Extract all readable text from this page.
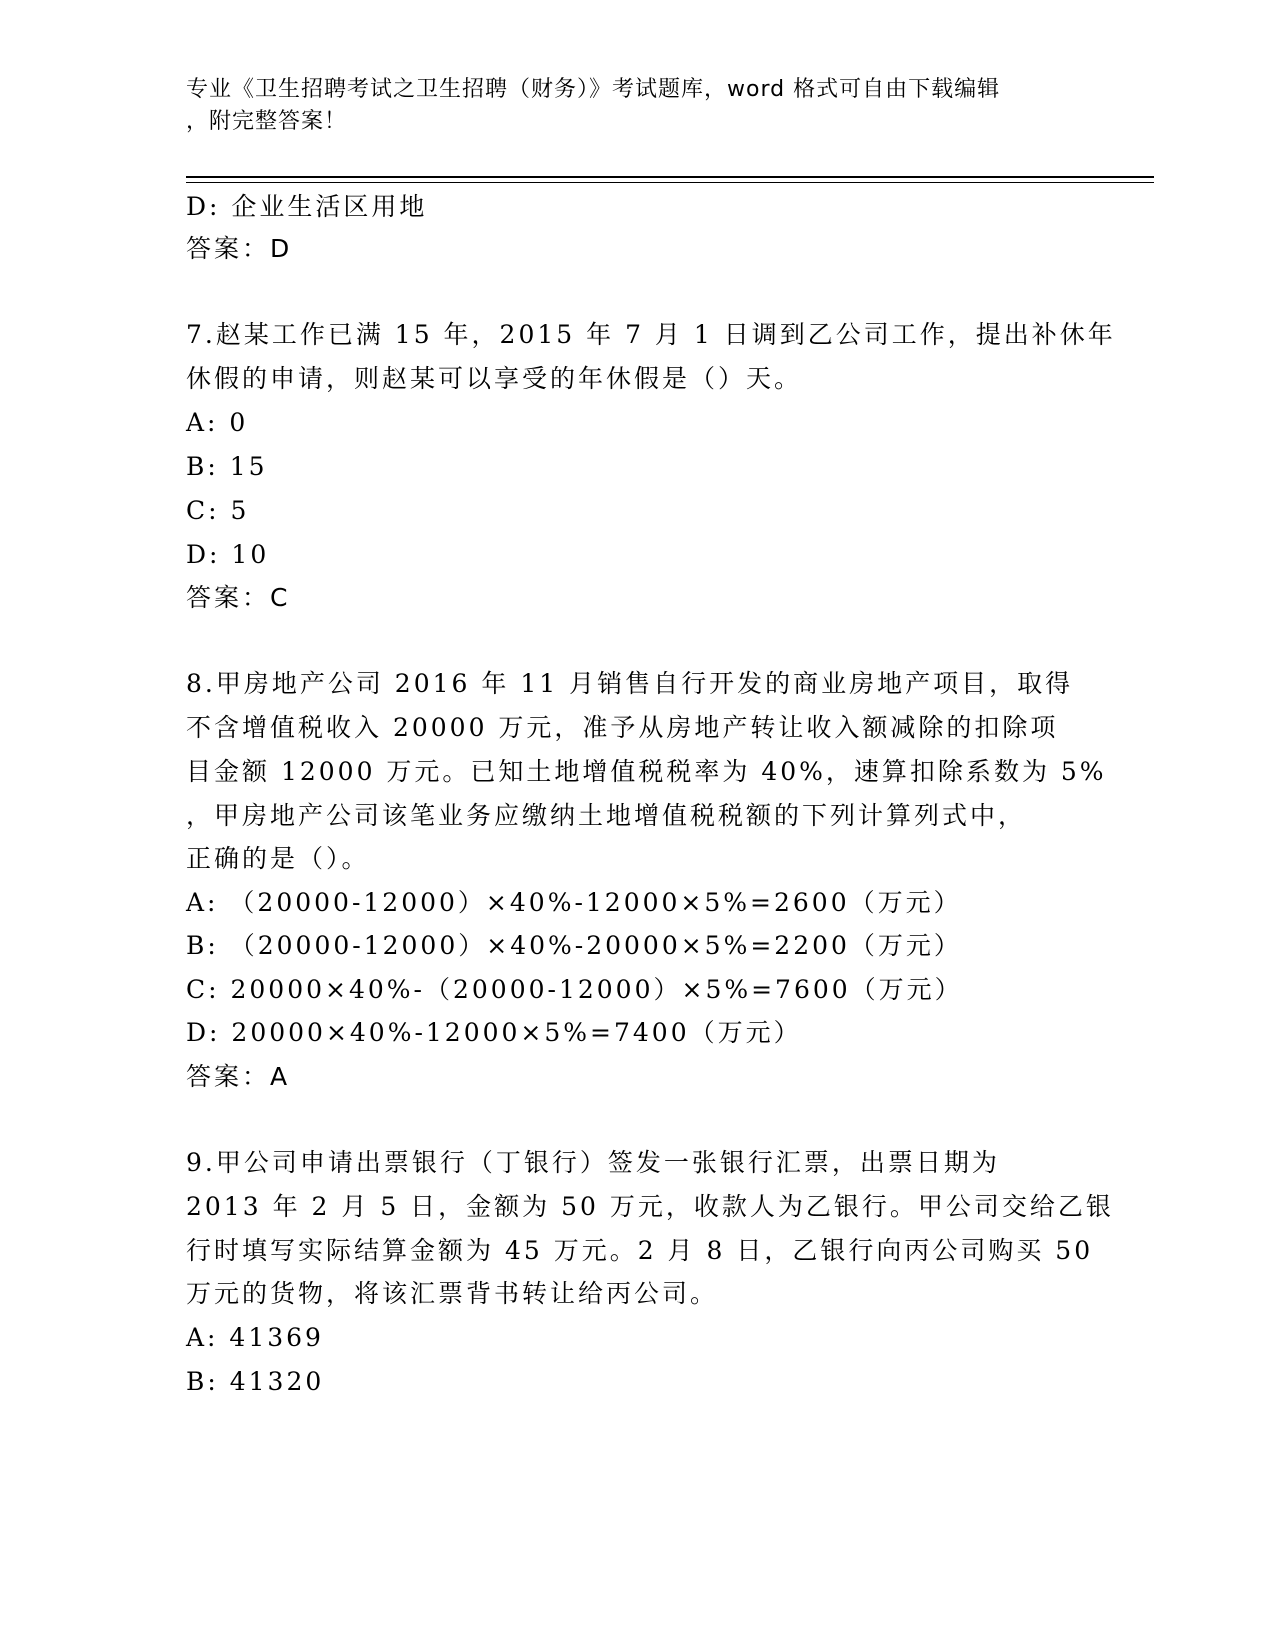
专业《卫生招聘考试之卫生招聘（财务）》考试题库，word 格式可自由下载编辑
，附完整答案！
D: 企业生活区用地
答案：D
7.赵某工作已满 15 年，2015 年 7 月 1 日调到乙公司工作，提出补休年
休假的申请，则赵某可以享受的年休假是（）天。
A: 0
B: 15
C: 5
D: 10
答案：C
8.甲房地产公司 2016 年 11 月销售自行开发的商业房地产项目，取得
不含增值税收入 20000 万元，准予从房地产转让收入额减除的扣除项
目金额 12000 万元。已知土地增值税税率为 40%，速算扣除系数为 5%
，甲房地产公司该笔业务应缴纳土地增值税税额的下列计算列式中，
正确的是（）。
A: （20000-12000）×40%-12000×5%=2600（万元）
B: （20000-12000）×40%-20000×5%=2200（万元）
C: 20000×40%-（20000-12000）×5%=7600（万元）
D: 20000×40%-12000×5%=7400（万元）
答案：A
9.甲公司申请出票银行（丁银行）签发一张银行汇票，出票日期为
2013 年 2 月 5 日，金额为 50 万元，收款人为乙银行。甲公司交给乙银
行时填写实际结算金额为 45 万元。2 月 8 日，乙银行向丙公司购买 50
万元的货物，将该汇票背书转让给丙公司。
A: 41369
B: 41320
